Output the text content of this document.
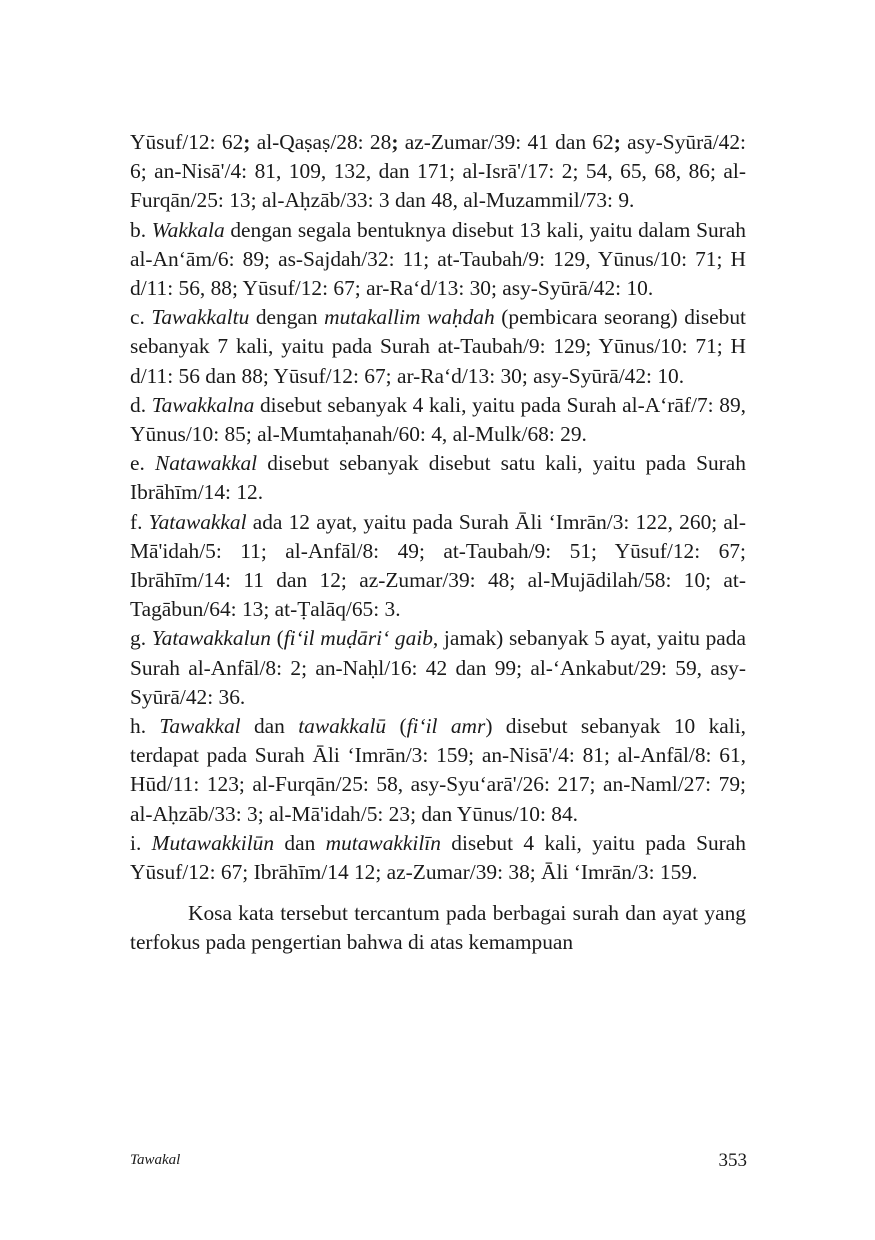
Yūsuf/12: 62; al-Qaṣaṣ/28: 28; az-Zumar/39: 41 dan 62; asy-Syūrā/42: 6; an-Nisā'/4: 81, 109, 132, dan 171; al-Isrā'/17: 2; 54, 65, 68, 86; al-Furqān/25: 13; al-Aḥzāb/33: 3 dan 48, al-Muzammil/73: 9.

b. Wakkala dengan segala bentuknya disebut 13 kali, yaitu dalam Surah al-An‘ām/6: 89; as-Sajdah/32: 11; at-Taubah/9: 129, Yūnus/10: 71; H d/11: 56, 88; Yūsuf/12: 67; ar-Ra‘d/13: 30; asy-Syūrā/42: 10.

c. Tawakkaltu dengan mutakallim waḥdah (pembicara seorang) disebut sebanyak 7 kali, yaitu pada Surah at-Taubah/9: 129; Yūnus/10: 71; H d/11: 56 dan 88; Yūsuf/12: 67; ar-Ra‘d/13: 30; asy-Syūrā/42: 10.

d. Tawakkalna disebut sebanyak 4 kali, yaitu pada Surah al-A‘rāf/7: 89, Yūnus/10: 85; al-Mumtaḥanah/60: 4, al-Mulk/68: 29.

e. Natawakkal disebut sebanyak disebut satu kali, yaitu pada Surah Ibrāhīm/14: 12.

f. Yatawakkal ada 12 ayat, yaitu pada Surah Āli ‘Imrān/3: 122, 260; al-Mā'idah/5: 11; al-Anfāl/8: 49; at-Taubah/9: 51; Yūsuf/12: 67; Ibrāhīm/14: 11 dan 12; az-Zumar/39: 48; al-Mujādilah/58: 10; at-Tagābun/64: 13; at-Ṭalāq/65: 3.

g. Yatawakkalun (fi‘il muḍāri‘ gaib, jamak) sebanyak 5 ayat, yaitu pada Surah al-Anfāl/8: 2; an-Naḥl/16: 42 dan 99; al-‘Ankabut/29: 59, asy-Syūrā/42: 36.

h. Tawakkal dan tawakkalū (fi‘il amr) disebut sebanyak 10 kali, terdapat pada Surah Āli ‘Imrān/3: 159; an-Nisā'/4: 81; al-Anfāl/8: 61, Hūd/11: 123; al-Furqān/25: 58, asy-Syu‘arā'/26: 217; an-Naml/27: 79; al-Aḥzāb/33: 3; al-Mā'idah/5: 23; dan Yūnus/10: 84.

i. Mutawakkilūn dan mutawakkilīn disebut 4 kali, yaitu pada Surah Yūsuf/12: 67; Ibrāhīm/14 12; az-Zumar/39: 38; Āli ‘Imrān/3: 159.

Kosa kata tersebut tercantum pada berbagai surah dan ayat yang terfokus pada pengertian bahwa di atas kemampuan

Tawakal	353
